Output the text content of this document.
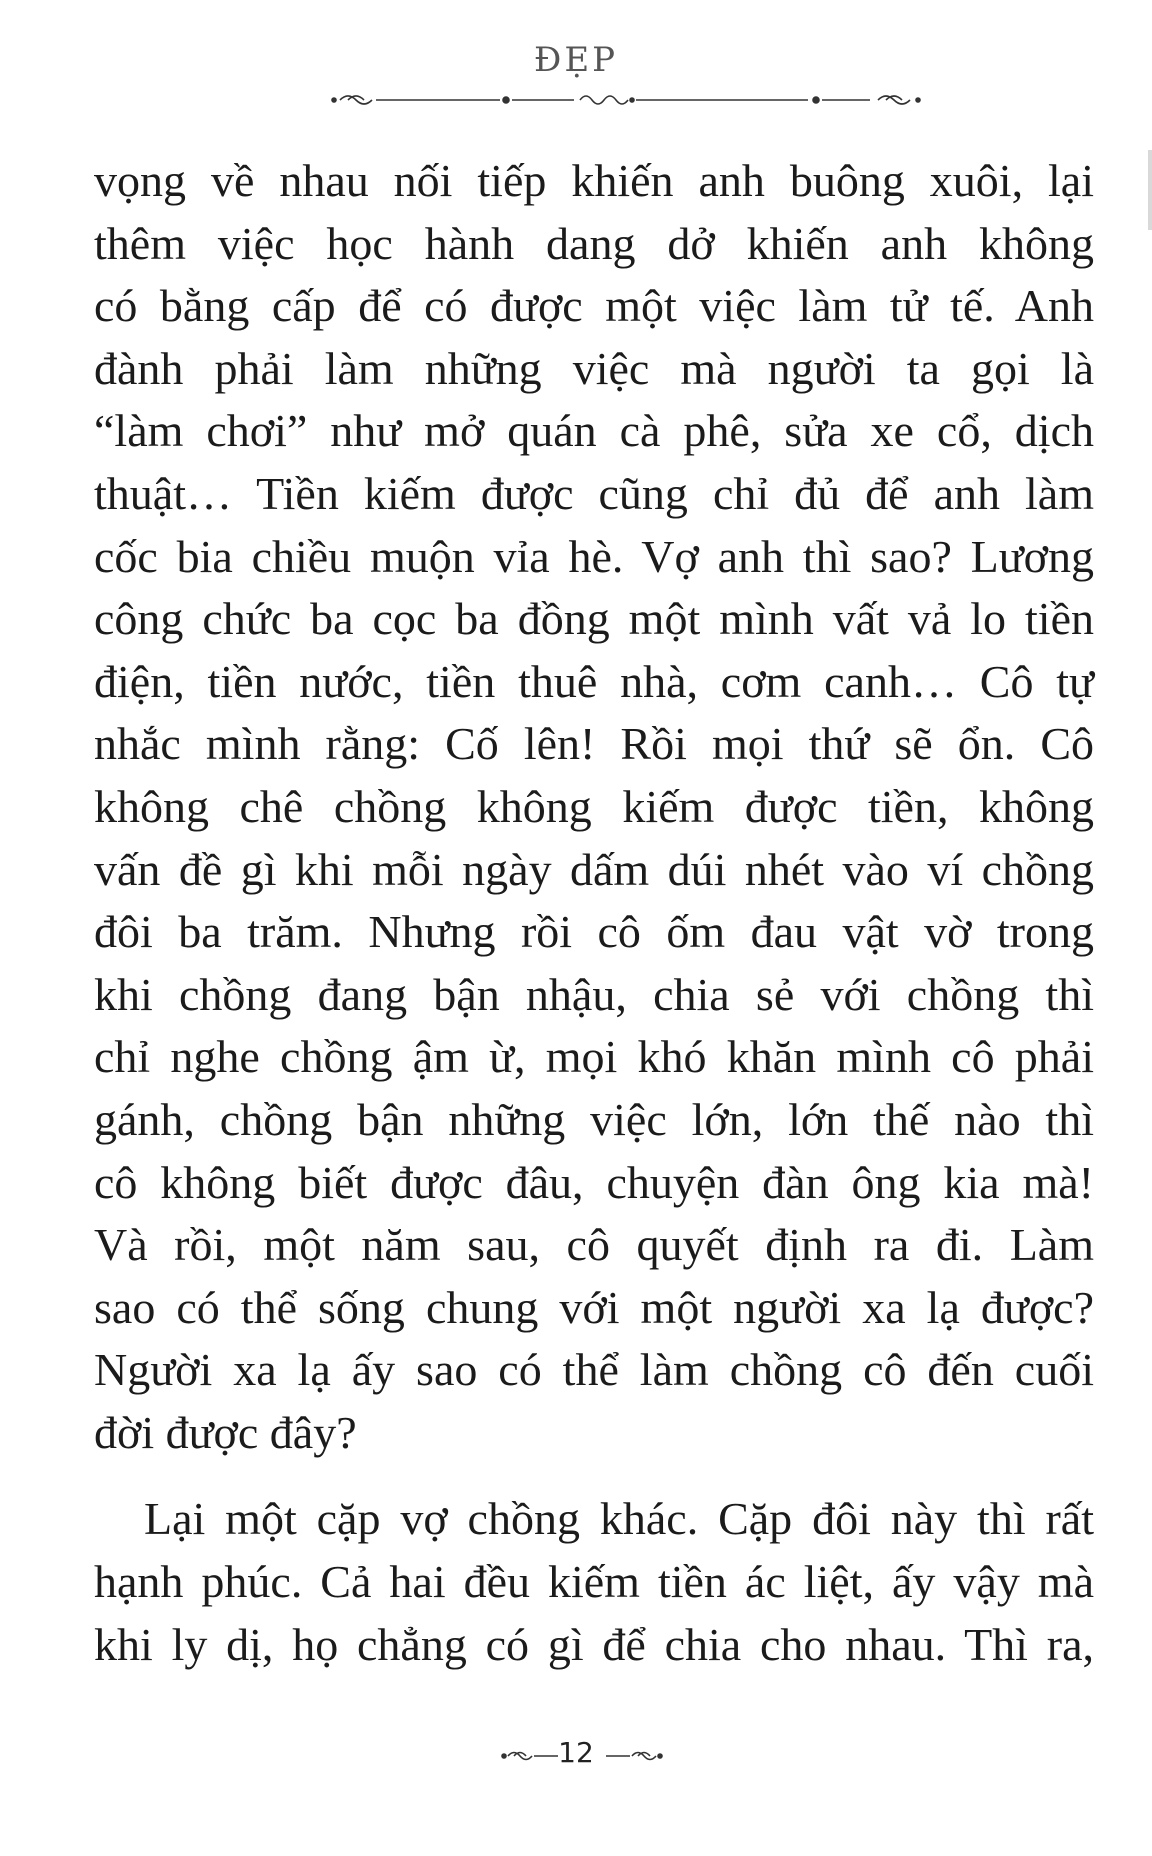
ĐẸP
vọng về nhau nối tiếp khiến anh buông xuôi, lại
thêm việc học hành dang dở khiến anh không
có bằng cấp để có được một việc làm tử tế. Anh
đành phải làm những việc mà người ta gọi là
“làm chơi” như mở quán cà phê, sửa xe cổ, dịch
thuật… Tiền kiếm được cũng chỉ đủ để anh làm
cốc bia chiều muộn vỉa hè. Vợ anh thì sao? Lương
công chức ba cọc ba đồng một mình vất vả lo tiền
điện, tiền nước, tiền thuê nhà, cơm canh… Cô tự
nhắc mình rằng: Cố lên! Rồi mọi thứ sẽ ổn. Cô
không chê chồng không kiếm được tiền, không
vấn đề gì khi mỗi ngày dấm dúi nhét vào ví chồng
đôi ba trăm. Nhưng rồi cô ốm đau vật vờ trong
khi chồng đang bận nhậu, chia sẻ với chồng thì
chỉ nghe chồng ậm ừ, mọi khó khăn mình cô phải
gánh, chồng bận những việc lớn, lớn thế nào thì
cô không biết được đâu, chuyện đàn ông kia mà!
Và rồi, một năm sau, cô quyết định ra đi. Làm
sao có thể sống chung với một người xa lạ được?
Người xa lạ ấy sao có thể làm chồng cô đến cuối
đời được đây?
Lại một cặp vợ chồng khác. Cặp đôi này thì rất
hạnh phúc. Cả hai đều kiếm tiền ác liệt, ấy vậy mà
khi ly dị, họ chẳng có gì để chia cho nhau. Thì ra,
12
